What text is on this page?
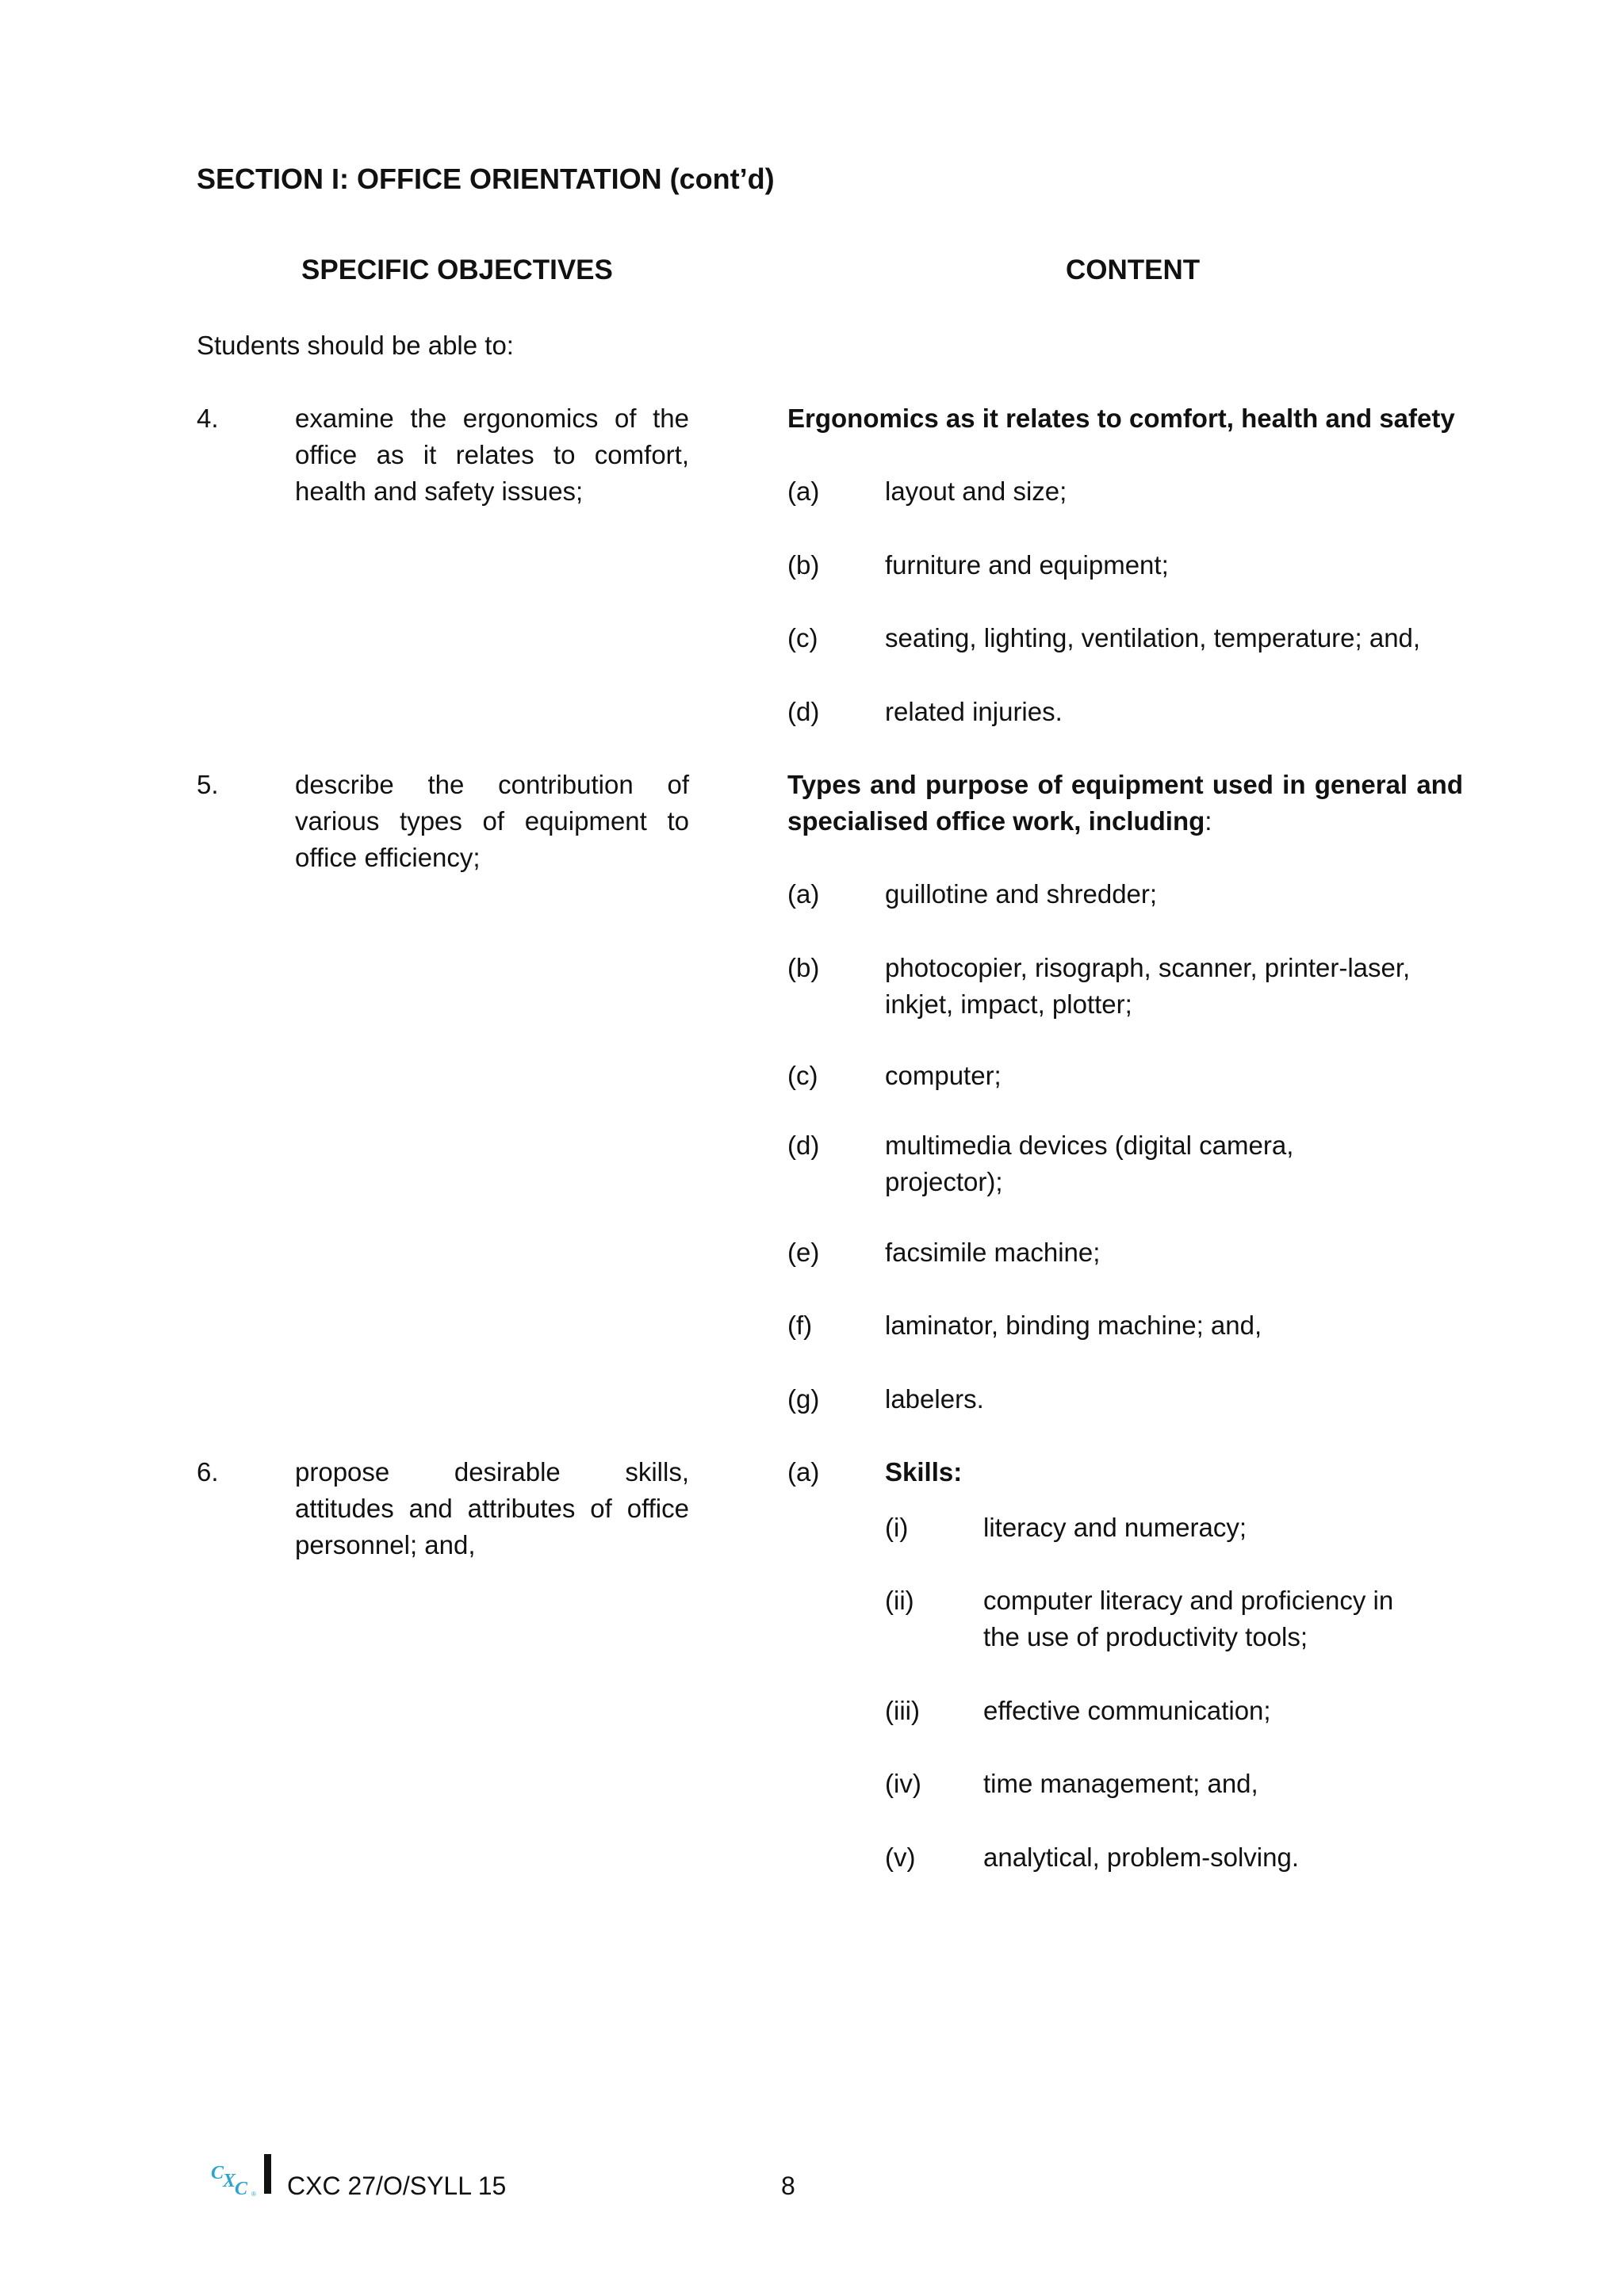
SECTION I: OFFICE ORIENTATION (cont’d)
SPECIFIC OBJECTIVES	CONTENT
Students should be able to:
4.	examine the ergonomics of the
office as it relates to comfort,
health and safety issues;
Ergonomics as it relates to comfort, health and safety
(a)	layout and size;
(b)	furniture and equipment;
(c)	seating, lighting, ventilation, temperature; and,
(d)	related injuries.
5.	describe the contribution of
various types of equipment to
office efficiency;
Types and purpose of equipment used in general and
specialised office work, including:
(a)	guillotine and shredder;
(b)	photocopier, risograph, scanner, printer-laser,
inkjet, impact, plotter;
(c)	computer;
(d)	multimedia devices (digital camera,
projector);
(e)	facsimile machine;
(f)	laminator, binding machine; and,
(g)	labelers.
6.	propose desirable skills,
attitudes and attributes of office
personnel; and,
(a)	Skills:
(i)	literacy and numeracy;
(ii)	computer literacy and proficiency in
the use of productivity tools;
(iii) effective communication;
(iv) time management; and,
(v)	analytical, problem-solving.
C
X
C ® CXC 27/O/SYLL 15	8
